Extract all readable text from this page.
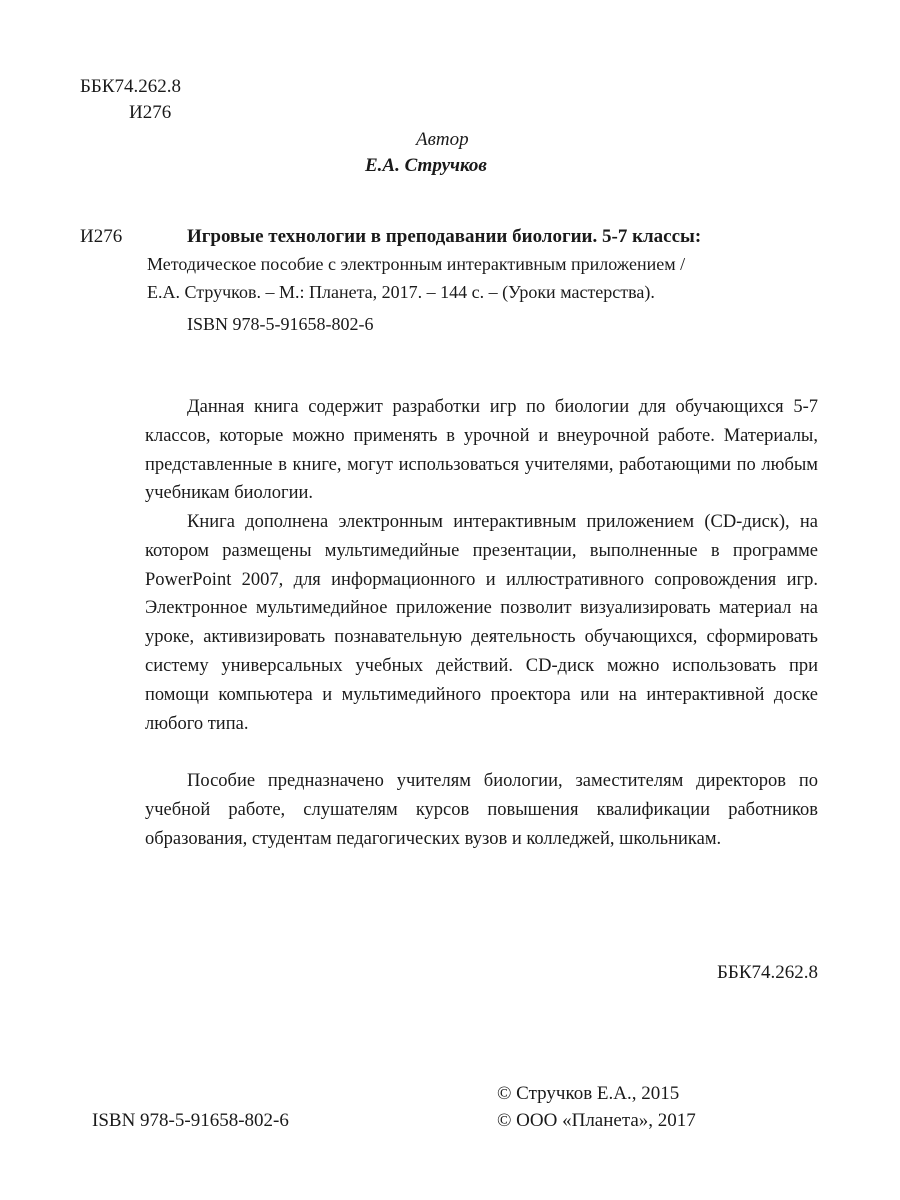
ББК74.262.8
И276
Автор
Е.А. Стручков
И276	Игровые технологии в преподавании биологии. 5-7 классы:
Методическое пособие с электронным интерактивным приложением /
Е.А. Стручков. – М.: Планета, 2017. – 144 с. – (Уроки мастерства).
ISBN 978-5-91658-802-6

Данная книга содержит разработки игр по биологии для обучающихся 5-7 классов, которые можно применять в урочной и внеурочной работе. Материалы, представленные в книге, могут использоваться учителями, работающими по любым учебникам биологии.

Книга дополнена электронным интерактивным приложением (CD-диск), на котором размещены мультимедийные презентации, выполненные в программе PowerPoint 2007, для информационного и иллюстративного сопровождения игр. Электронное мультимедийное приложение позволит визуализировать материал на уроке, активизировать познавательную деятельность обучающихся, сформировать систему универсальных учебных действий. CD-диск можно использовать при помощи компьютера и мультимедийного проектора или на интерактивной доске любого типа.

Пособие предназначено учителям биологии, заместителям директоров по учебной работе, слушателям курсов повышения квалификации работников образования, студентам педагогических вузов и колледжей, школьникам.

ББК74.262.8
© Стручков Е.А., 2015
ISBN 978-5-91658-802-6	© ООО «Планета», 2017
